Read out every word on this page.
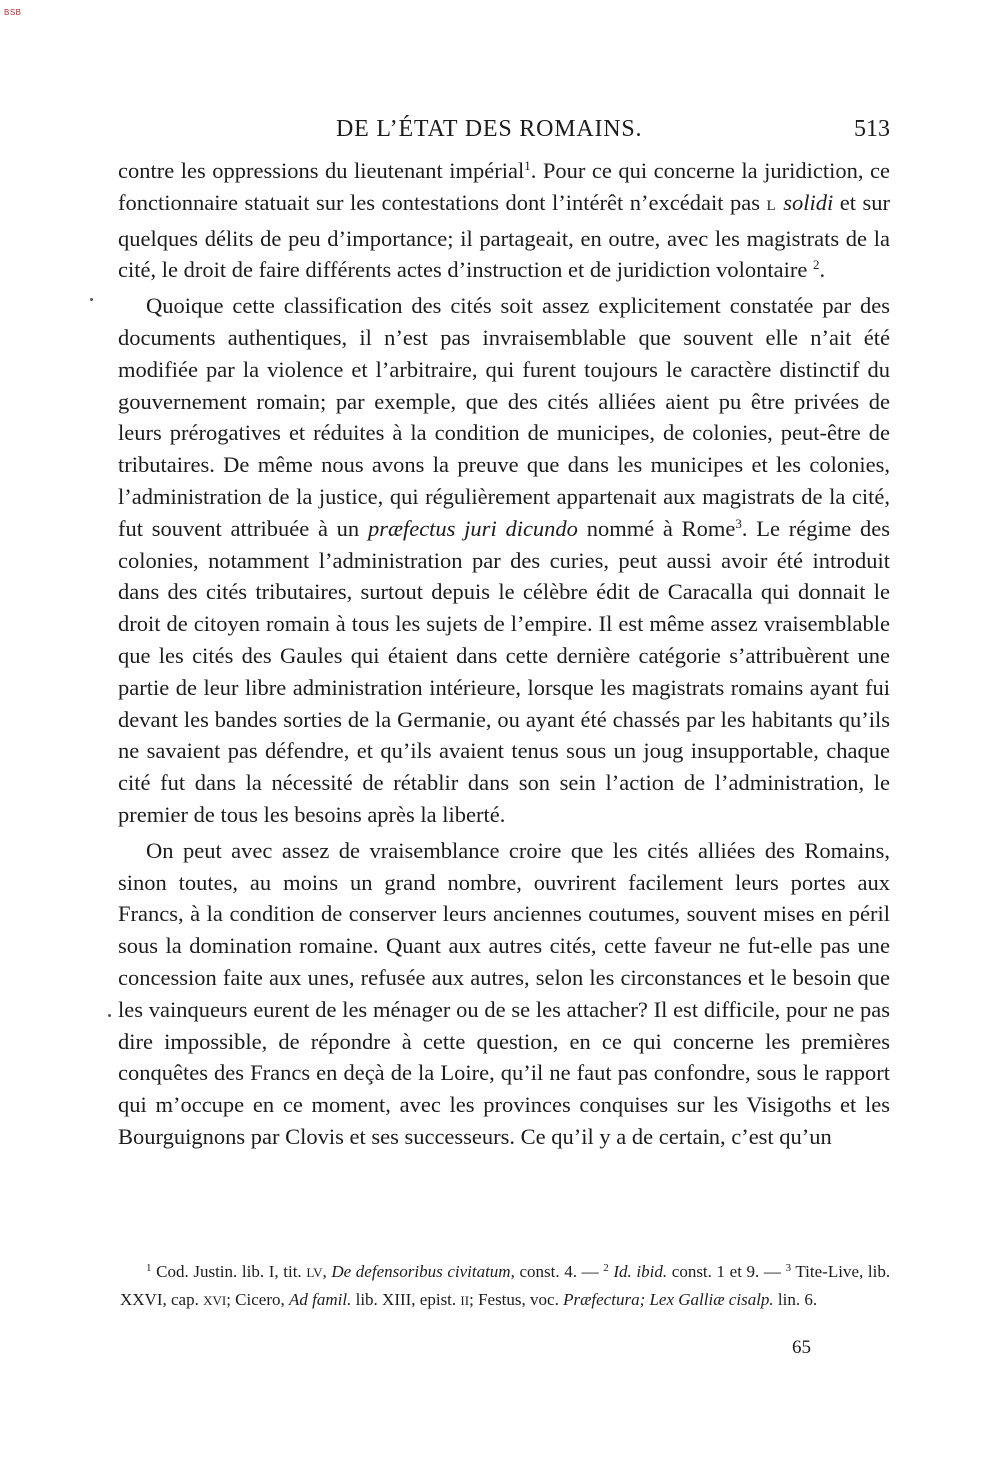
BSB
DE L’ÉTAT DES ROMAINS.	513

contre les oppressions du lieutenant impérial$^1$. Pour ce qui concerne la juridiction, ce fonctionnaire statuait sur les contestations dont l’intérêt n’excédait pas L solidi et sur quelques délits de peu d’importance; il partageait, en outre, avec les magistrats de la cité, le droit de faire différents actes d’instruction et de juridiction volontaire $^2$.

Quoique cette classification des cités soit assez explicitement constatée par des documents authentiques, il n’est pas invraisemblable que souvent elle n’ait été modifiée par la violence et l’arbitraire, qui furent toujours le caractère distinctif du gouvernement romain; par exemple, que des cités alliées aient pu être privées de leurs prérogatives et réduites à la condition de municipes, de colonies, peut-être de tributaires. De même nous avons la preuve que dans les municipes et les colonies, l’administration de la justice, qui régulièrement appartenait aux magistrats de la cité, fut souvent attribuée à un præfectus juri dicundo nommé à Rome$^3$. Le régime des colonies, notamment l’administration par des curies, peut aussi avoir été introduit dans des cités tributaires, surtout depuis le célèbre édit de Caracalla qui donnait le droit de citoyen romain à tous les sujets de l’empire. Il est même assez vraisemblable que les cités des Gaules qui étaient dans cette dernière catégorie s’attribuèrent une partie de leur libre administration intérieure, lorsque les magistrats romains ayant fui devant les bandes sorties de la Germanie, ou ayant été chassés par les habitants qu’ils ne savaient pas défendre, et qu’ils avaient tenus sous un joug insupportable, chaque cité fut dans la nécessité de rétablir dans son sein l’action de l’administration, le premier de tous les besoins après la liberté.

On peut avec assez de vraisemblance croire que les cités alliées des Romains, sinon toutes, au moins un grand nombre, ouvrirent facilement leurs portes aux Francs, à la condition de conserver leurs anciennes coutumes, souvent mises en péril sous la domination romaine. Quant aux autres cités, cette faveur ne fut-elle pas une concession faite aux unes, refusée aux autres, selon les circonstances et le besoin que les vainqueurs eurent de les ménager ou de se les attacher? Il est difficile, pour ne pas dire impossible, de répondre à cette question, en ce qui concerne les premières conquêtes des Francs en deçà de la Loire, qu’il ne faut pas confondre, sous le rapport qui m’occupe en ce moment, avec les provinces conquises sur les Visigoths et les Bourguignons par Clovis et ses successeurs. Ce qu’il y a de certain, c’est qu’un

$^1$ Cod. Justin. lib. I, tit. LV, De defensoribus civitatum, const. 4. — $^2$ Id. ibid. const. 1 et 9. — $^3$ Tite-Live, lib. XXVI, cap. XVI; Cicero, Ad famil. lib. XIII, epist. II; Festus, voc. Præfectura; Lex Galliæ cisalp. lin. 6.

65
